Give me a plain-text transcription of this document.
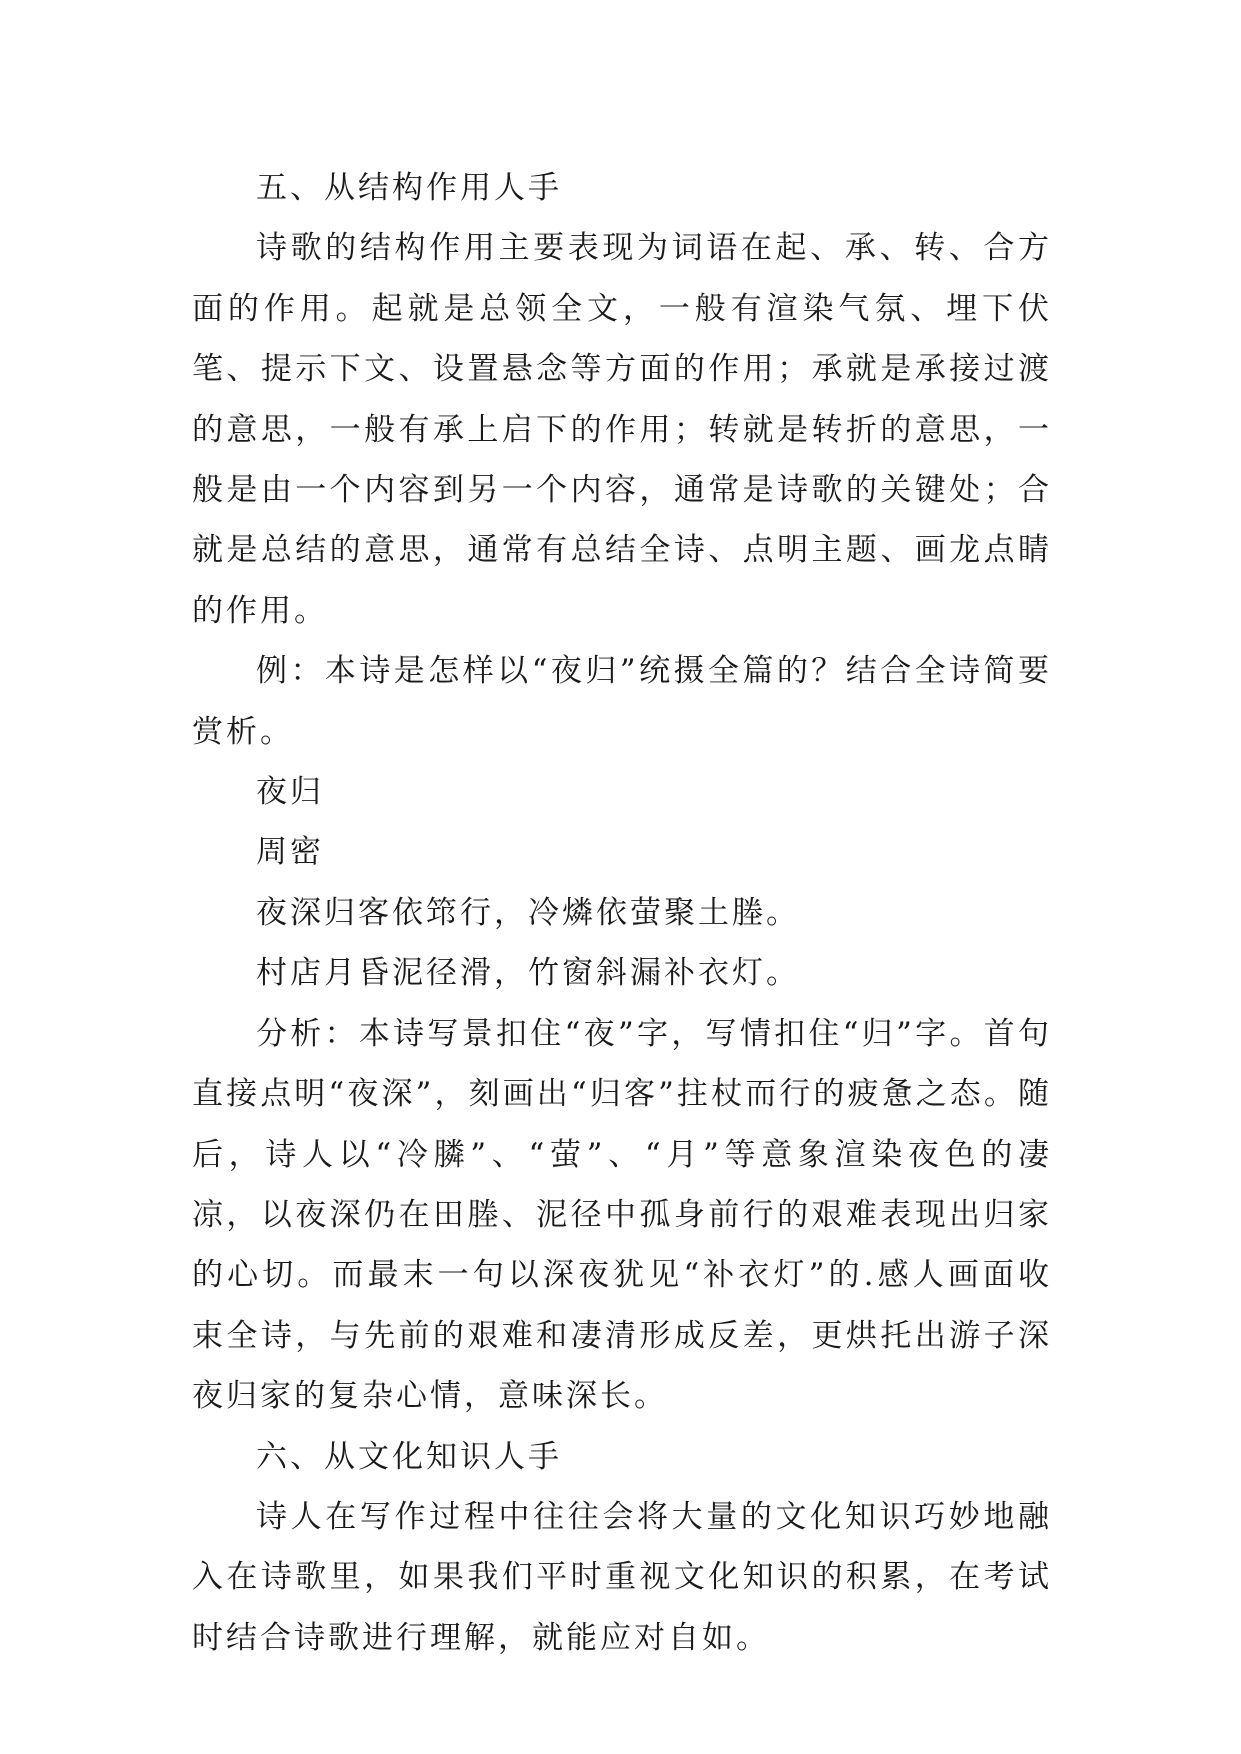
五、从结构作用人手

诗歌的结构作用主要表现为词语在起、承、转、合方面的作用。起就是总领全文，一般有渲染气氛、埋下伏笔、提示下文、设置悬念等方面的作用；承就是承接过渡的意思，一般有承上启下的作用；转就是转折的意思，一般是由一个内容到另一个内容，通常是诗歌的关键处；合就是总结的意思，通常有总结全诗、点明主题、画龙点睛的作用。

例：本诗是怎样以“夜归”统摄全篇的？结合全诗简要赏析。

夜归

周密

夜深归客依筇行，冷燐依萤聚土塍。

村店月昏泥径滑，竹窗斜漏补衣灯。

分析：本诗写景扣住“夜”字，写情扣住“归”字。首句直接点明“夜深”，刻画出“归客”拄杖而行的疲惫之态。随后，诗人以“冷膦”、“萤”、“月”等意象渲染夜色的凄凉，以夜深仍在田塍、泥径中孤身前行的艰难表现出归家的心切。而最末一句以深夜犹见“补衣灯”的.感人画面收束全诗，与先前的艰难和凄清形成反差，更烘托出游子深夜归家的复杂心情，意味深长。

六、从文化知识人手

诗人在写作过程中往往会将大量的文化知识巧妙地融入在诗歌里，如果我们平时重视文化知识的积累，在考试时结合诗歌进行理解，就能应对自如。
